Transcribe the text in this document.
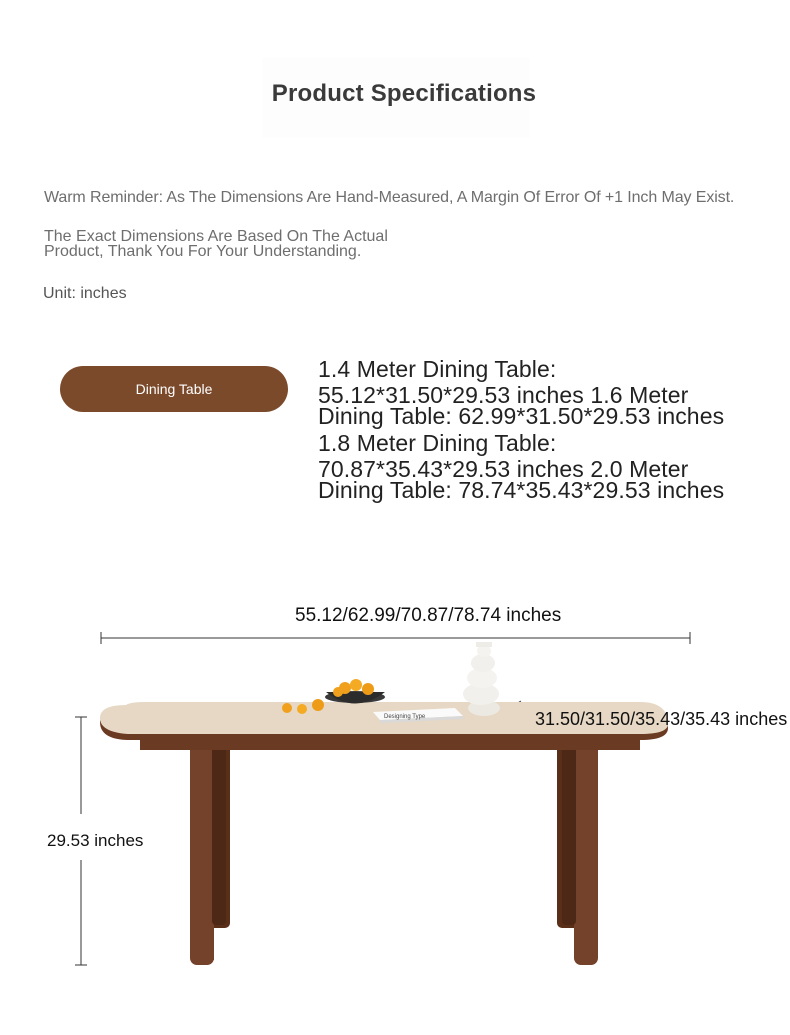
Product Specifications
Warm Reminder: As The Dimensions Are Hand-Measured, A Margin Of Error Of +1 Inch May Exist.
The Exact Dimensions Are Based On The Actual Product, Thank You For Your Understanding.
Unit: inches
Dining Table
1.4 Meter Dining Table:
55.12*31.50*29.53 inches 1.6 Meter
Dining Table: 62.99*31.50*29.53 inches
1.8 Meter Dining Table:
70.87*35.43*29.53 inches 2.0 Meter
Dining Table: 78.74*35.43*29.53 inches
Designing Type
55.12/62.99/70.87/78.74 inches
31.50/31.50/35.43/35.43 inches
29.53 inches
